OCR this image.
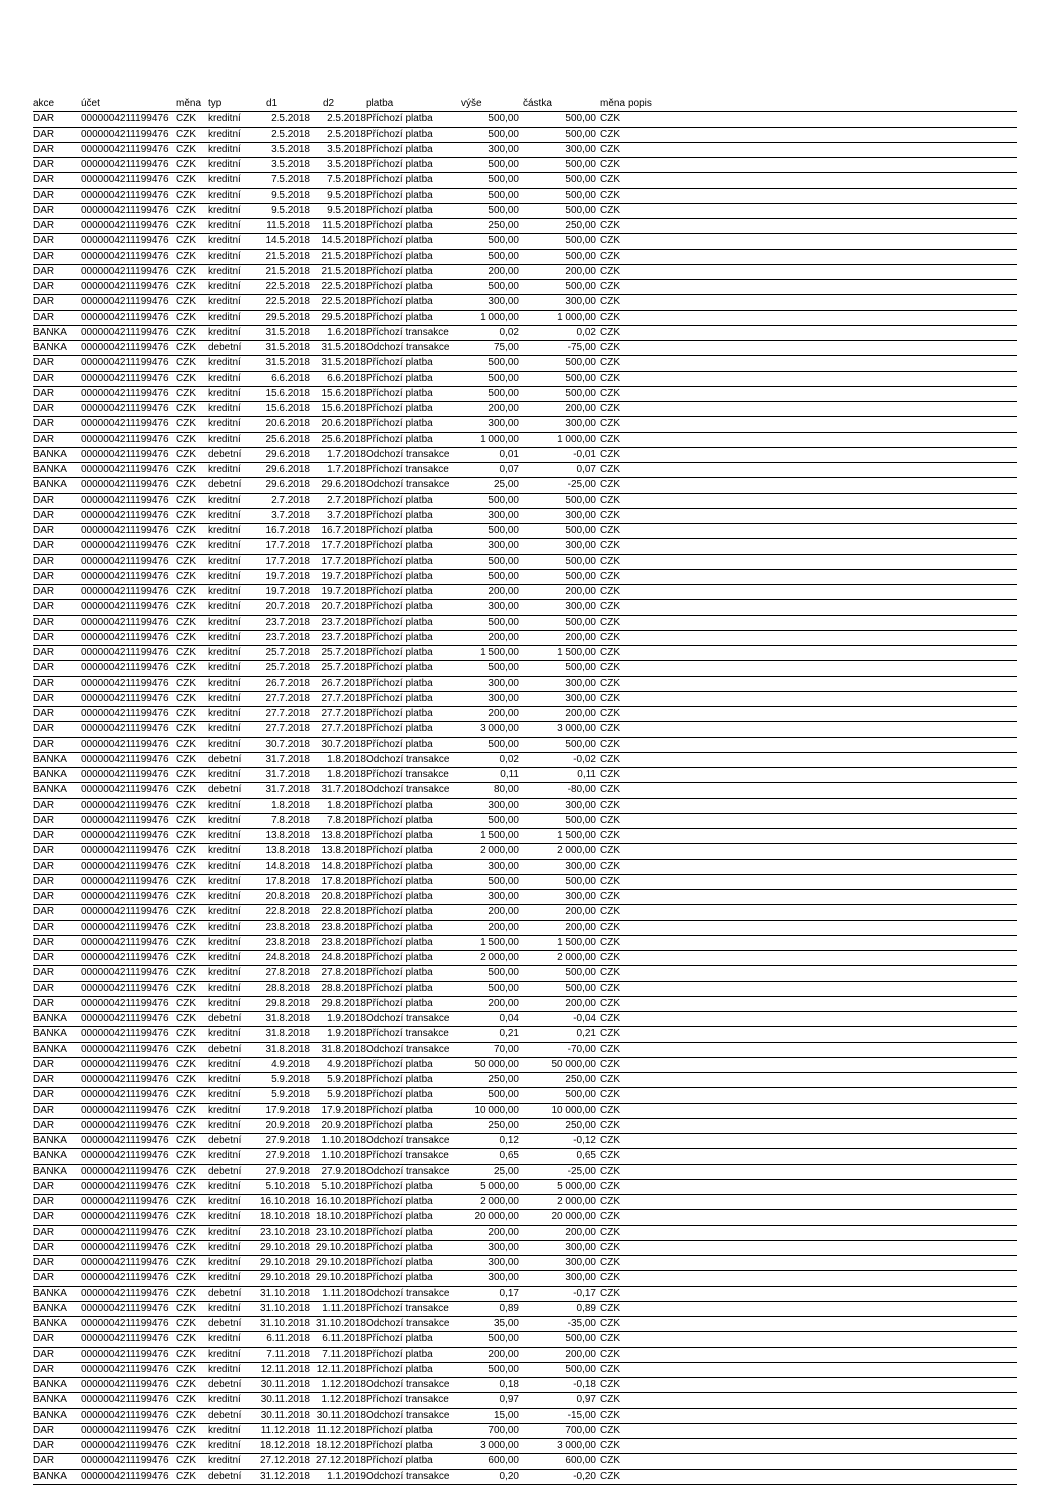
akce	účet	měna	typ	d1	d2	platba	výše	částka	měna	popis
DAR	0000004211199476	CZK	kreditní	2.5.2018	2.5.2018	Příchozí platba	500,00	500,00	CZK	
DAR	0000004211199476	CZK	kreditní	2.5.2018	2.5.2018	Příchozí platba	500,00	500,00	CZK	
DAR	0000004211199476	CZK	kreditní	3.5.2018	3.5.2018	Příchozí platba	300,00	300,00	CZK	
DAR	0000004211199476	CZK	kreditní	3.5.2018	3.5.2018	Příchozí platba	500,00	500,00	CZK	
DAR	0000004211199476	CZK	kreditní	7.5.2018	7.5.2018	Příchozí platba	500,00	500,00	CZK	
DAR	0000004211199476	CZK	kreditní	9.5.2018	9.5.2018	Příchozí platba	500,00	500,00	CZK	
DAR	0000004211199476	CZK	kreditní	9.5.2018	9.5.2018	Příchozí platba	500,00	500,00	CZK	
DAR	0000004211199476	CZK	kreditní	11.5.2018	11.5.2018	Příchozí platba	250,00	250,00	CZK	
DAR	0000004211199476	CZK	kreditní	14.5.2018	14.5.2018	Příchozí platba	500,00	500,00	CZK	
DAR	0000004211199476	CZK	kreditní	21.5.2018	21.5.2018	Příchozí platba	500,00	500,00	CZK	
DAR	0000004211199476	CZK	kreditní	21.5.2018	21.5.2018	Příchozí platba	200,00	200,00	CZK	
DAR	0000004211199476	CZK	kreditní	22.5.2018	22.5.2018	Příchozí platba	500,00	500,00	CZK	
DAR	0000004211199476	CZK	kreditní	22.5.2018	22.5.2018	Příchozí platba	300,00	300,00	CZK	
DAR	0000004211199476	CZK	kreditní	29.5.2018	29.5.2018	Příchozí platba	1 000,00	1 000,00	CZK	
BANKA	0000004211199476	CZK	kreditní	31.5.2018	1.6.2018	Příchozí transakce	0,02	0,02	CZK	
BANKA	0000004211199476	CZK	debetní	31.5.2018	31.5.2018	Odchozí transakce	75,00	-75,00	CZK	
DAR	0000004211199476	CZK	kreditní	31.5.2018	31.5.2018	Příchozí platba	500,00	500,00	CZK	
DAR	0000004211199476	CZK	kreditní	6.6.2018	6.6.2018	Příchozí platba	500,00	500,00	CZK	
DAR	0000004211199476	CZK	kreditní	15.6.2018	15.6.2018	Příchozí platba	500,00	500,00	CZK	
DAR	0000004211199476	CZK	kreditní	15.6.2018	15.6.2018	Příchozí platba	200,00	200,00	CZK	
DAR	0000004211199476	CZK	kreditní	20.6.2018	20.6.2018	Příchozí platba	300,00	300,00	CZK	
DAR	0000004211199476	CZK	kreditní	25.6.2018	25.6.2018	Příchozí platba	1 000,00	1 000,00	CZK	
BANKA	0000004211199476	CZK	debetní	29.6.2018	1.7.2018	Odchozí transakce	0,01	-0,01	CZK	
BANKA	0000004211199476	CZK	kreditní	29.6.2018	1.7.2018	Příchozí transakce	0,07	0,07	CZK	
BANKA	0000004211199476	CZK	debetní	29.6.2018	29.6.2018	Odchozí transakce	25,00	-25,00	CZK	
DAR	0000004211199476	CZK	kreditní	2.7.2018	2.7.2018	Příchozí platba	500,00	500,00	CZK	
DAR	0000004211199476	CZK	kreditní	3.7.2018	3.7.2018	Příchozí platba	300,00	300,00	CZK	
DAR	0000004211199476	CZK	kreditní	16.7.2018	16.7.2018	Příchozí platba	500,00	500,00	CZK	
DAR	0000004211199476	CZK	kreditní	17.7.2018	17.7.2018	Příchozí platba	300,00	300,00	CZK	
DAR	0000004211199476	CZK	kreditní	17.7.2018	17.7.2018	Příchozí platba	500,00	500,00	CZK	
DAR	0000004211199476	CZK	kreditní	19.7.2018	19.7.2018	Příchozí platba	500,00	500,00	CZK	
DAR	0000004211199476	CZK	kreditní	19.7.2018	19.7.2018	Příchozí platba	200,00	200,00	CZK	
DAR	0000004211199476	CZK	kreditní	20.7.2018	20.7.2018	Příchozí platba	300,00	300,00	CZK	
DAR	0000004211199476	CZK	kreditní	23.7.2018	23.7.2018	Příchozí platba	500,00	500,00	CZK	
DAR	0000004211199476	CZK	kreditní	23.7.2018	23.7.2018	Příchozí platba	200,00	200,00	CZK	
DAR	0000004211199476	CZK	kreditní	25.7.2018	25.7.2018	Příchozí platba	1 500,00	1 500,00	CZK	
DAR	0000004211199476	CZK	kreditní	25.7.2018	25.7.2018	Příchozí platba	500,00	500,00	CZK	
DAR	0000004211199476	CZK	kreditní	26.7.2018	26.7.2018	Příchozí platba	300,00	300,00	CZK	
DAR	0000004211199476	CZK	kreditní	27.7.2018	27.7.2018	Příchozí platba	300,00	300,00	CZK	
DAR	0000004211199476	CZK	kreditní	27.7.2018	27.7.2018	Příchozí platba	200,00	200,00	CZK	
DAR	0000004211199476	CZK	kreditní	27.7.2018	27.7.2018	Příchozí platba	3 000,00	3 000,00	CZK	
DAR	0000004211199476	CZK	kreditní	30.7.2018	30.7.2018	Příchozí platba	500,00	500,00	CZK	
BANKA	0000004211199476	CZK	debetní	31.7.2018	1.8.2018	Odchozí transakce	0,02	-0,02	CZK	
BANKA	0000004211199476	CZK	kreditní	31.7.2018	1.8.2018	Příchozí transakce	0,11	0,11	CZK	
BANKA	0000004211199476	CZK	debetní	31.7.2018	31.7.2018	Odchozí transakce	80,00	-80,00	CZK	
DAR	0000004211199476	CZK	kreditní	1.8.2018	1.8.2018	Příchozí platba	300,00	300,00	CZK	
DAR	0000004211199476	CZK	kreditní	7.8.2018	7.8.2018	Příchozí platba	500,00	500,00	CZK	
DAR	0000004211199476	CZK	kreditní	13.8.2018	13.8.2018	Příchozí platba	1 500,00	1 500,00	CZK	
DAR	0000004211199476	CZK	kreditní	13.8.2018	13.8.2018	Příchozí platba	2 000,00	2 000,00	CZK	
DAR	0000004211199476	CZK	kreditní	14.8.2018	14.8.2018	Příchozí platba	300,00	300,00	CZK	
DAR	0000004211199476	CZK	kreditní	17.8.2018	17.8.2018	Příchozí platba	500,00	500,00	CZK	
DAR	0000004211199476	CZK	kreditní	20.8.2018	20.8.2018	Příchozí platba	300,00	300,00	CZK	
DAR	0000004211199476	CZK	kreditní	22.8.2018	22.8.2018	Příchozí platba	200,00	200,00	CZK	
DAR	0000004211199476	CZK	kreditní	23.8.2018	23.8.2018	Příchozí platba	200,00	200,00	CZK	
DAR	0000004211199476	CZK	kreditní	23.8.2018	23.8.2018	Příchozí platba	1 500,00	1 500,00	CZK	
DAR	0000004211199476	CZK	kreditní	24.8.2018	24.8.2018	Příchozí platba	2 000,00	2 000,00	CZK	
DAR	0000004211199476	CZK	kreditní	27.8.2018	27.8.2018	Příchozí platba	500,00	500,00	CZK	
DAR	0000004211199476	CZK	kreditní	28.8.2018	28.8.2018	Příchozí platba	500,00	500,00	CZK	
DAR	0000004211199476	CZK	kreditní	29.8.2018	29.8.2018	Příchozí platba	200,00	200,00	CZK	
BANKA	0000004211199476	CZK	debetní	31.8.2018	1.9.2018	Odchozí transakce	0,04	-0,04	CZK	
BANKA	0000004211199476	CZK	kreditní	31.8.2018	1.9.2018	Příchozí transakce	0,21	0,21	CZK	
BANKA	0000004211199476	CZK	debetní	31.8.2018	31.8.2018	Odchozí transakce	70,00	-70,00	CZK	
DAR	0000004211199476	CZK	kreditní	4.9.2018	4.9.2018	Příchozí platba	50 000,00	50 000,00	CZK	
DAR	0000004211199476	CZK	kreditní	5.9.2018	5.9.2018	Příchozí platba	250,00	250,00	CZK	
DAR	0000004211199476	CZK	kreditní	5.9.2018	5.9.2018	Příchozí platba	500,00	500,00	CZK	
DAR	0000004211199476	CZK	kreditní	17.9.2018	17.9.2018	Příchozí platba	10 000,00	10 000,00	CZK	
DAR	0000004211199476	CZK	kreditní	20.9.2018	20.9.2018	Příchozí platba	250,00	250,00	CZK	
BANKA	0000004211199476	CZK	debetní	27.9.2018	1.10.2018	Odchozí transakce	0,12	-0,12	CZK	
BANKA	0000004211199476	CZK	kreditní	27.9.2018	1.10.2018	Příchozí transakce	0,65	0,65	CZK	
BANKA	0000004211199476	CZK	debetní	27.9.2018	27.9.2018	Odchozí transakce	25,00	-25,00	CZK	
DAR	0000004211199476	CZK	kreditní	5.10.2018	5.10.2018	Příchozí platba	5 000,00	5 000,00	CZK	
DAR	0000004211199476	CZK	kreditní	16.10.2018	16.10.2018	Příchozí platba	2 000,00	2 000,00	CZK	
DAR	0000004211199476	CZK	kreditní	18.10.2018	18.10.2018	Příchozí platba	20 000,00	20 000,00	CZK	
DAR	0000004211199476	CZK	kreditní	23.10.2018	23.10.2018	Příchozí platba	200,00	200,00	CZK	
DAR	0000004211199476	CZK	kreditní	29.10.2018	29.10.2018	Příchozí platba	300,00	300,00	CZK	
DAR	0000004211199476	CZK	kreditní	29.10.2018	29.10.2018	Příchozí platba	300,00	300,00	CZK	
DAR	0000004211199476	CZK	kreditní	29.10.2018	29.10.2018	Příchozí platba	300,00	300,00	CZK	
BANKA	0000004211199476	CZK	debetní	31.10.2018	1.11.2018	Odchozí transakce	0,17	-0,17	CZK	
BANKA	0000004211199476	CZK	kreditní	31.10.2018	1.11.2018	Příchozí transakce	0,89	0,89	CZK	
BANKA	0000004211199476	CZK	debetní	31.10.2018	31.10.2018	Odchozí transakce	35,00	-35,00	CZK	
DAR	0000004211199476	CZK	kreditní	6.11.2018	6.11.2018	Příchozí platba	500,00	500,00	CZK	
DAR	0000004211199476	CZK	kreditní	7.11.2018	7.11.2018	Příchozí platba	200,00	200,00	CZK	
DAR	0000004211199476	CZK	kreditní	12.11.2018	12.11.2018	Příchozí platba	500,00	500,00	CZK	
BANKA	0000004211199476	CZK	debetní	30.11.2018	1.12.2018	Odchozí transakce	0,18	-0,18	CZK	
BANKA	0000004211199476	CZK	kreditní	30.11.2018	1.12.2018	Příchozí transakce	0,97	0,97	CZK	
BANKA	0000004211199476	CZK	debetní	30.11.2018	30.11.2018	Odchozí transakce	15,00	-15,00	CZK	
DAR	0000004211199476	CZK	kreditní	11.12.2018	11.12.2018	Příchozí platba	700,00	700,00	CZK	
DAR	0000004211199476	CZK	kreditní	18.12.2018	18.12.2018	Příchozí platba	3 000,00	3 000,00	CZK	
DAR	0000004211199476	CZK	kreditní	27.12.2018	27.12.2018	Příchozí platba	600,00	600,00	CZK	
BANKA	0000004211199476	CZK	debetní	31.12.2018	1.1.2019	Odchozí transakce	0,20	-0,20	CZK	
